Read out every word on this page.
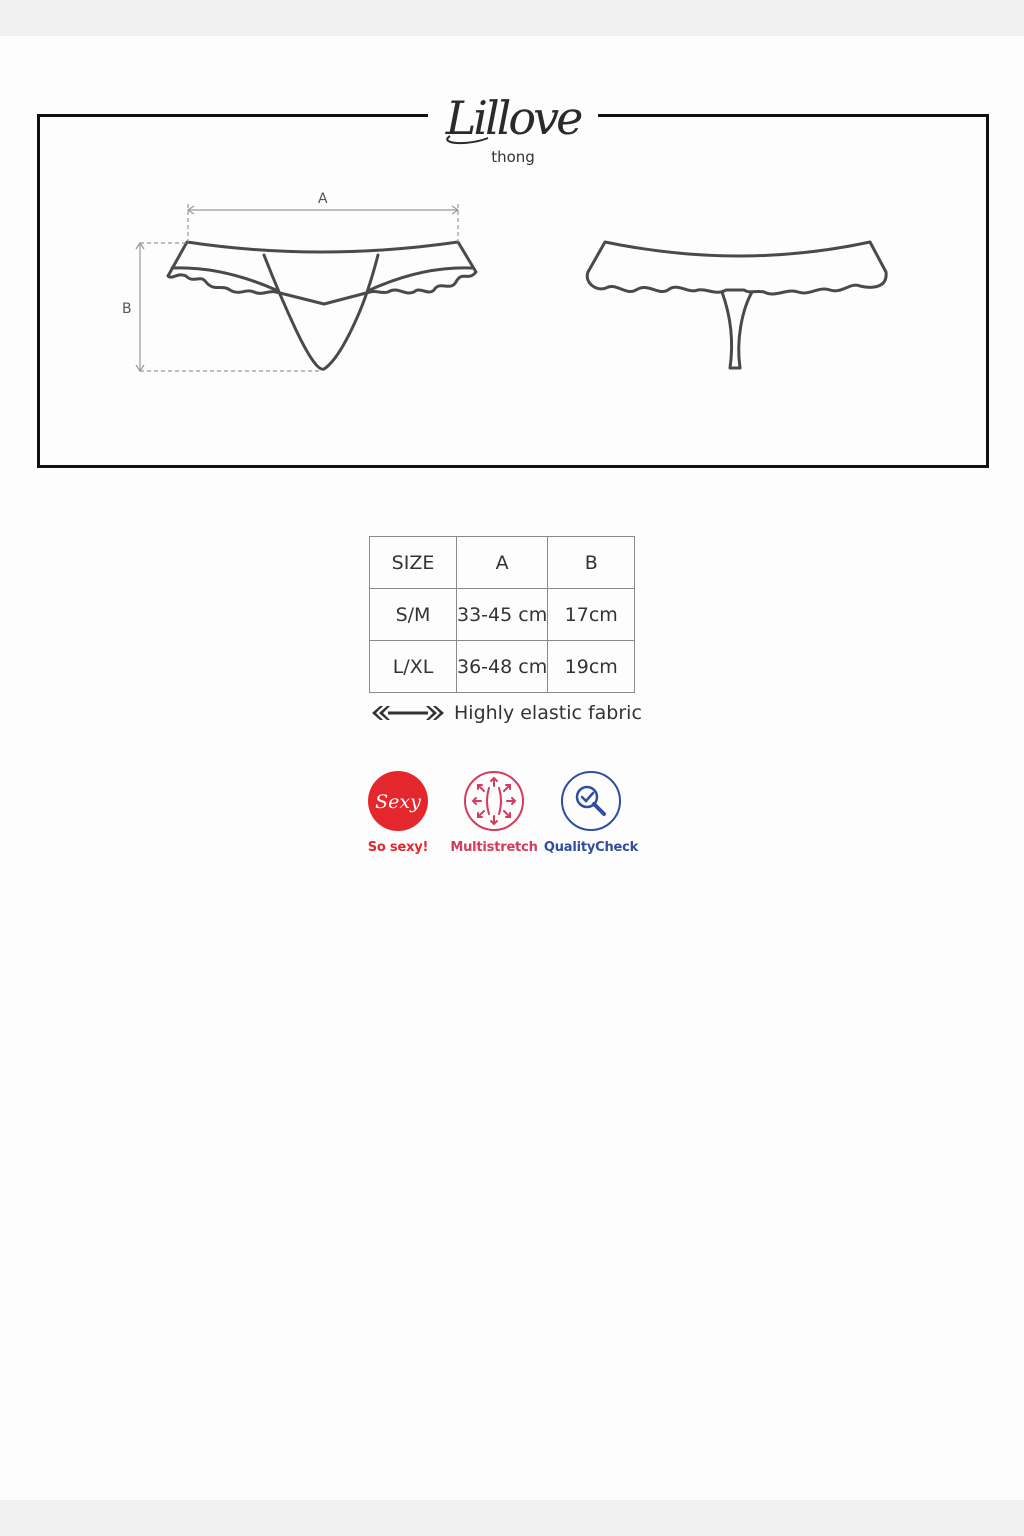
A
B
Lillove
thong
SIZE	A	B
S/M	33-45 cm	17cm
L/XL	36-48 cm	19cm
Highly elastic fabric
Sexy
So sexy!	Multistretch QualityCheck
